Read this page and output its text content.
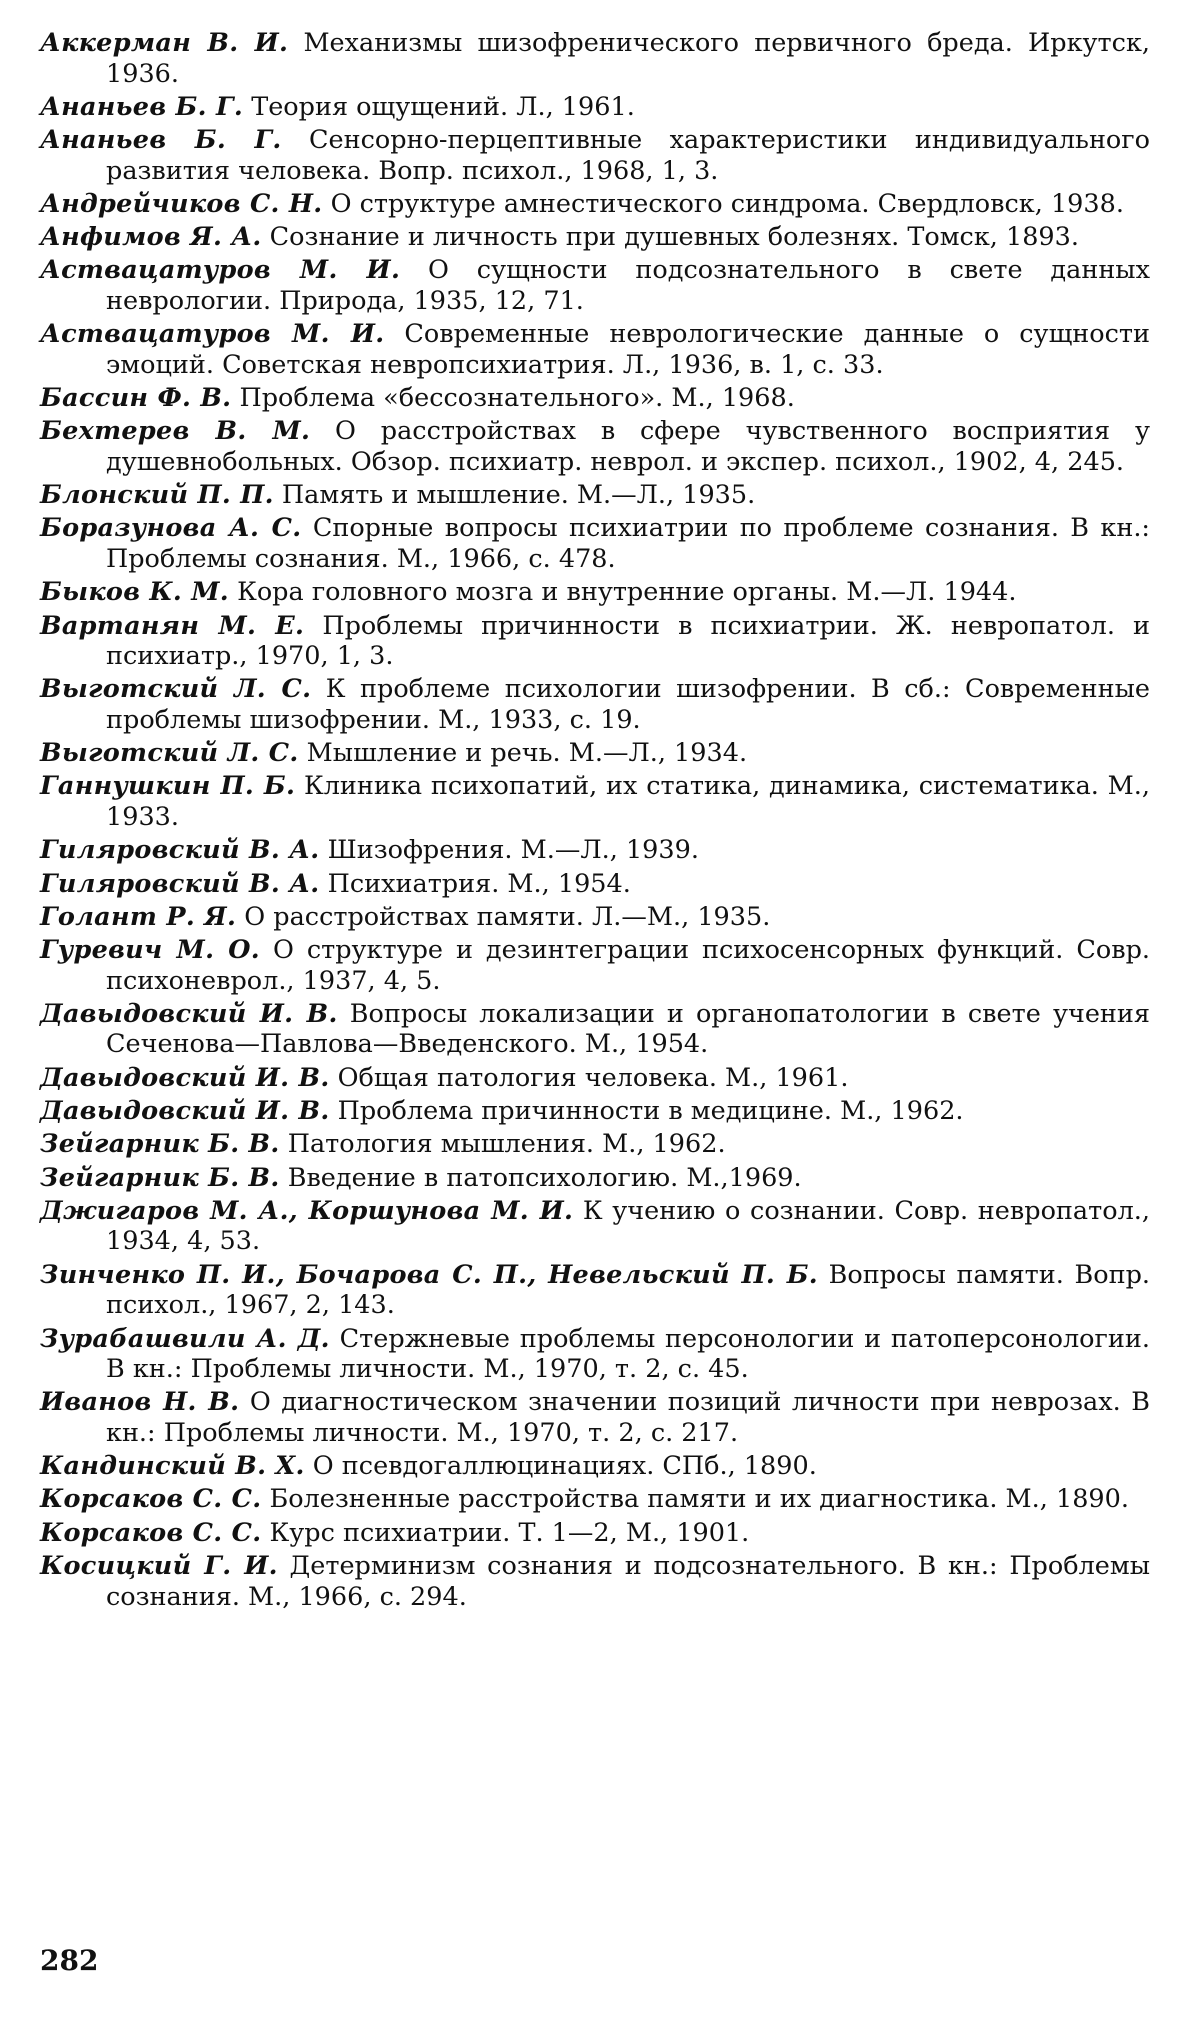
Аккерман В. И. Механизмы шизофренического первичного бреда. Иркутск, 1936.
Ананьев Б. Г. Теория ощущений. Л., 1961.
Ананьев Б. Г. Сенсорно-перцептивные характеристики индивидуального развития человека. Вопр. психол., 1968, 1, 3.
Андрейчиков С. Н. О структуре амнестического синдрома. Свердловск, 1938.
Анфимов Я. А. Сознание и личность при душевных болезнях. Томск, 1893.
Аствацатуров М. И. О сущности подсознательного в свете данных неврологии. Природа, 1935, 12, 71.
Аствацатуров М. И. Современные неврологические данные о сущности эмоций. Советская невропсихиатрия. Л., 1936, в. 1, с. 33.
Бассин Ф. В. Проблема «бессознательного». М., 1968.
Бехтерев В. М. О расстройствах в сфере чувственного восприятия у душевнобольных. Обзор. психиатр. неврол. и экспер. психол., 1902, 4, 245.
Блонский П. П. Память и мышление. М.—Л., 1935.
Боразунова А. С. Спорные вопросы психиатрии по проблеме сознания. В кн.: Проблемы сознания. М., 1966, с. 478.
Быков К. М. Кора головного мозга и внутренние органы. М.—Л. 1944.
Вартанян М. Е. Проблемы причинности в психиатрии. Ж. невропатол. и психиатр., 1970, 1, 3.
Выготский Л. С. К проблеме психологии шизофрении. В сб.: Современные проблемы шизофрении. М., 1933, с. 19.
Выготский Л. С. Мышление и речь. М.—Л., 1934.
Ганнушкин П. Б. Клиника психопатий, их статика, динамика, систематика. М., 1933.
Гиляровский В. А. Шизофрения. М.—Л., 1939.
Гиляровский В. А. Психиатрия. М., 1954.
Голант Р. Я. О расстройствах памяти. Л.—М., 1935.
Гуревич М. О. О структуре и дезинтеграции психосенсорных функций. Совр. психоневрол., 1937, 4, 5.
Давыдовский И. В. Вопросы локализации и органопатологии в свете учения Сеченова—Павлова—Введенского. М., 1954.
Давыдовский И. В. Общая патология человека. М., 1961.
Давыдовский И. В. Проблема причинности в медицине. М., 1962.
Зейгарник Б. В. Патология мышления. М., 1962.
Зейгарник Б. В. Введение в патопсихологию. М.,1969.
Джигаров М. А., Коршунова М. И. К учению о сознании. Совр. невропатол., 1934, 4, 53.
Зинченко П. И., Бочарова С. П., Невельский П. Б. Вопросы памяти. Вопр. психол., 1967, 2, 143.
Зурабашвили А. Д. Стержневые проблемы персонологии и патоперсонологии. В кн.: Проблемы личности. М., 1970, т. 2, с. 45.
Иванов Н. В. О диагностическом значении позиций личности при неврозах. В кн.: Проблемы личности. М., 1970, т. 2, с. 217.
Кандинский В. Х. О псевдогаллюцинациях. СПб., 1890.
Корсаков С. С. Болезненные расстройства памяти и их диагностика. М., 1890.
Корсаков С. С. Курс психиатрии. Т. 1—2, М., 1901.
Косицкий Г. И. Детерминизм сознания и подсознательного. В кн.: Проблемы сознания. М., 1966, с. 294.
282
